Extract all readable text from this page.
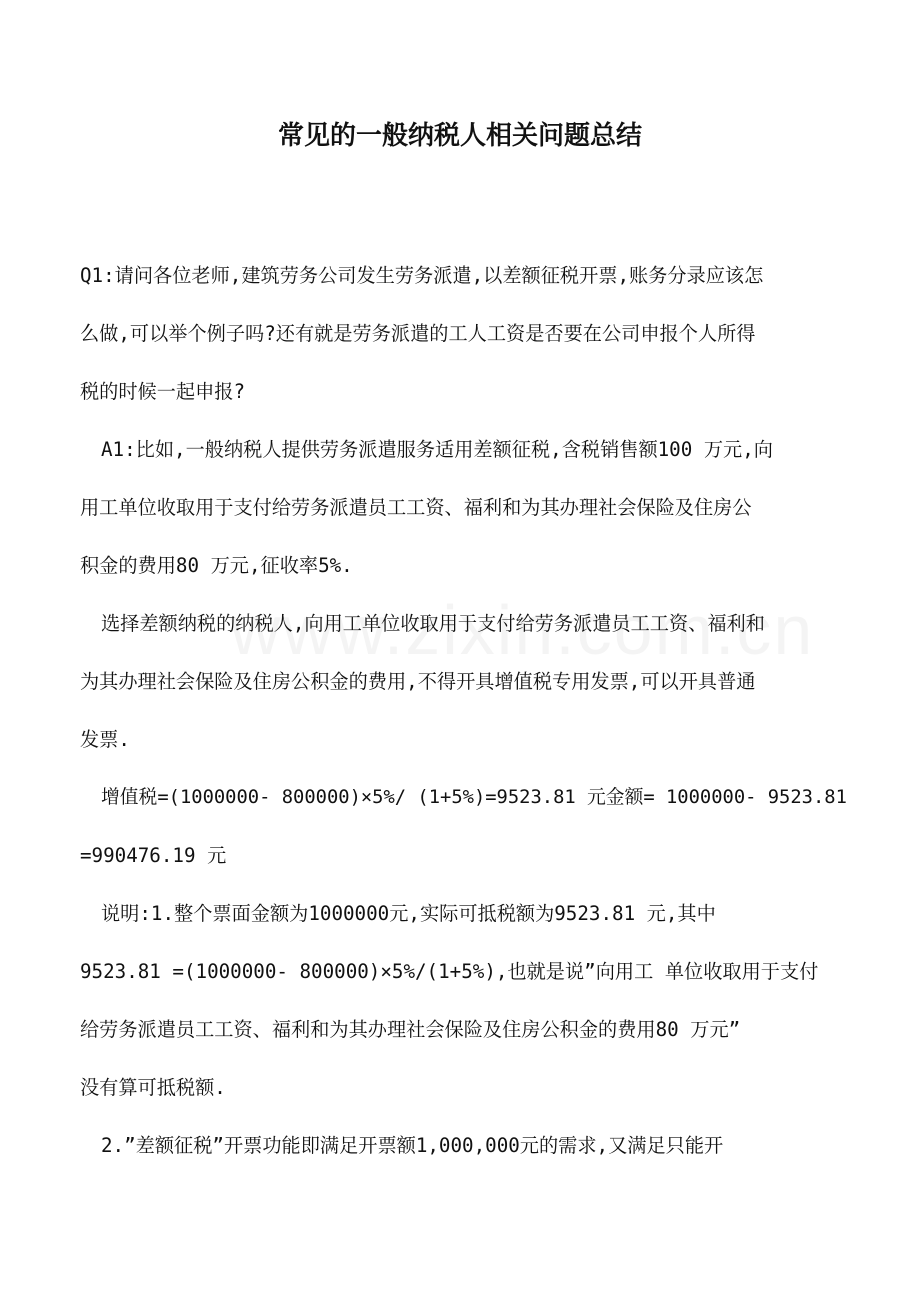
常见的一般纳税人相关问题总结
Q1:请问各位老师,建筑劳务公司发生劳务派遣,以差额征税开票,账务分录应该怎
么做,可以举个例子吗?还有就是劳务派遣的工人工资是否要在公司申报个人所得
税的时候一起申报?
A1:比如,一般纳税人提供劳务派遣服务适用差额征税,含税销售额100 万元,向
用工单位收取用于支付给劳务派遣员工工资、福利和为其办理社会保险及住房公
积金的费用80 万元,征收率5%.
选择差额纳税的纳税人,向用工单位收取用于支付给劳务派遣员工工资、福利和
为其办理社会保险及住房公积金的费用,不得开具增值税专用发票,可以开具普通
发票.
增值税=(1000000- 800000)×5%/ (1+5%)=9523.81 元金额= 1000000- 9523.81
=990476.19 元
说明:1.整个票面金额为1000000元,实际可抵税额为9523.81 元,其中
9523.81 =(1000000- 800000)×5%/(1+5%),也就是说”向用工 单位收取用于支付
给劳务派遣员工工资、福利和为其办理社会保险及住房公积金的费用80 万元”
没有算可抵税额.
2.”差额征税”开票功能即满足开票额1,000,000元的需求,又满足只能开
